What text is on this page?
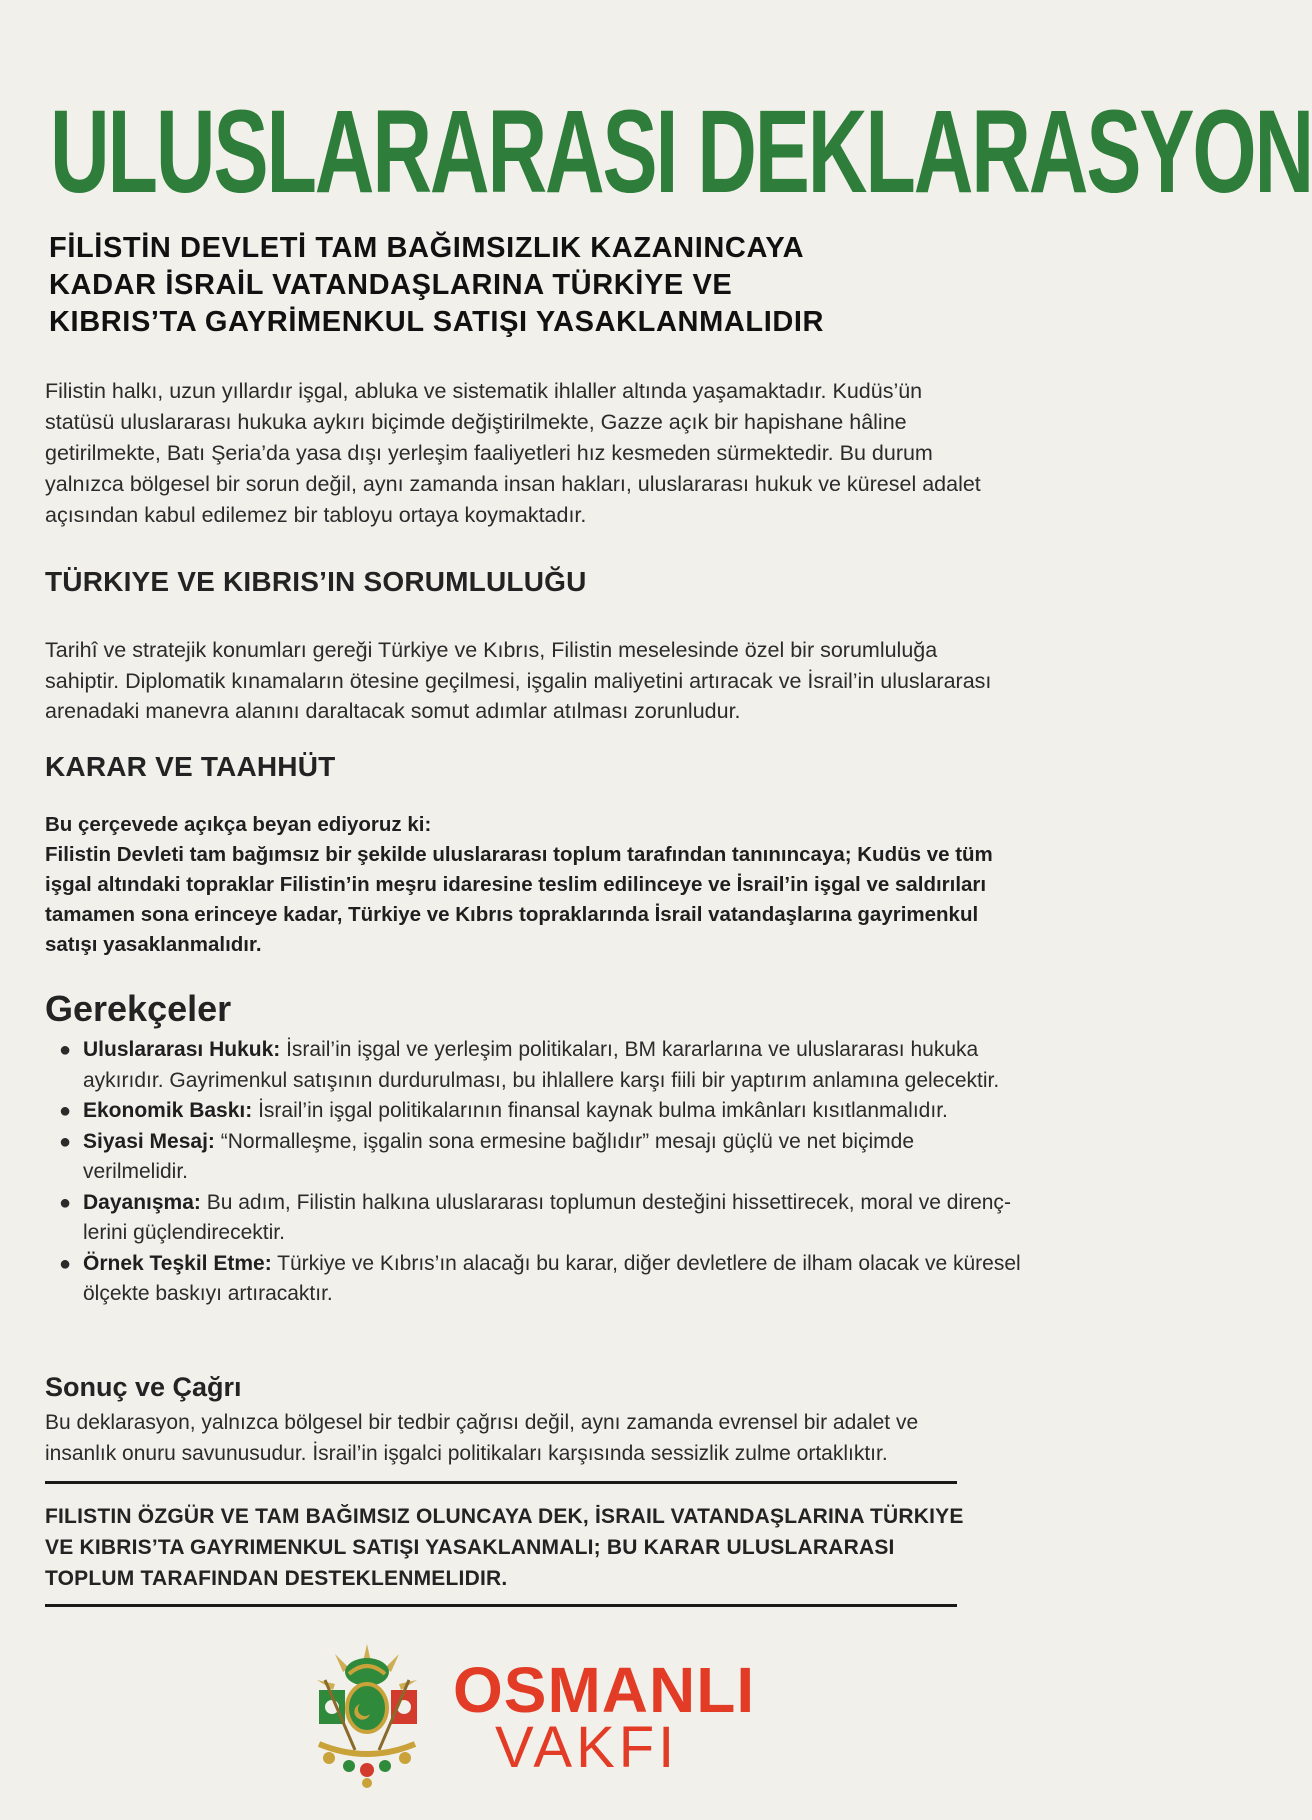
ULUSLARARASI DEKLARASYON
FİLİSTİN DEVLETİ TAM BAĞIMSIZLIK KAZANINCAYA
KADAR İSRAİL VATANDAŞLARINA TÜRKİYE VE
KIBRIS’TA GAYRİMENKUL SATIŞI YASAKLANMALIDIR

Filistin halkı, uzun yıllardır işgal, abluka ve sistematik ihlaller altında yaşamaktadır. Kudüs’ün statüsü uluslararası hukuka aykırı biçimde değiştirilmekte, Gazze açık bir hapishane hâline getirilmekte, Batı Şeria’da yasa dışı yerleşim faaliyetleri hız kesmeden sürmektedir. Bu durum yalnızca bölgesel bir sorun değil, aynı zamanda insan hakları, uluslararası hukuk ve küresel adalet açısından kabul edilemez bir tabloyu ortaya koymaktadır.

TÜRKIYE VE KIBRIS’IN SORUMLULUĞU

Tarihî ve stratejik konumları gereği Türkiye ve Kıbrıs, Filistin meselesinde özel bir sorumluluğa sahiptir. Diplomatik kınamaların ötesine geçilmesi, işgalin maliyetini artıracak ve İsrail’in uluslararası arenadaki manevra alanını daraltacak somut adımlar atılması zorunludur.

KARAR VE TAAHHÜT
Bu çerçevede açıkça beyan ediyoruz ki:
Filistin Devleti tam bağımsız bir şekilde uluslararası toplum tarafından tanınıncaya; Kudüs ve tüm işgal altındaki topraklar Filistin’in meşru idaresine teslim edilinceye ve İsrail’in işgal ve saldırıları tamamen sona erinceye kadar, Türkiye ve Kıbrıs topraklarında İsrail vatandaşlarına gayrimenkul satışı yasaklanmalıdır.
Gerekçeler
● Uluslararası Hukuk: İsrail’in işgal ve yerleşim politikaları, BM kararlarına ve uluslararası hukuka aykırıdır. Gayrimenkul satışının durdurulması, bu ihlallere karşı fiili bir yaptırım anlamına gelecektir.
● Ekonomik Baskı: İsrail’in işgal politikalarının finansal kaynak bulma imkânları kısıtlanmalıdır.
● Siyasi Mesaj: “Normalleşme, işgalin sona ermesine bağlıdır” mesajı güçlü ve net biçimde verilmelidir.
● Dayanışma: Bu adım, Filistin halkına uluslararası toplumun desteğini hissettirecek, moral ve dirençlerini güçlendirecektir.
● Örnek Teşkil Etme: Türkiye ve Kıbrıs’ın alacağı bu karar, diğer devletlere de ilham olacak ve küresel ölçekte baskıyı artıracaktır.
Sonuç ve Çağrı

Bu deklarasyon, yalnızca bölgesel bir tedbir çağrısı değil, aynı zamanda evrensel bir adalet ve insanlık onuru savunusudur. İsrail’in işgalci politikaları karşısında sessizlik zulme ortaklıktır.

FILISTIN ÖZGÜR VE TAM BAĞIMSIZ OLUNCAYA DEK, İSRAIL VATANDAŞLARINA TÜRKIYE VE KIBRIS’TA GAYRIMENKUL SATIŞI YASAKLANMALI; BU KARAR ULUSLARARASI TOPLUM TARAFINDAN DESTEKLENMELIDIR.

OSMANLI
VAKFI
